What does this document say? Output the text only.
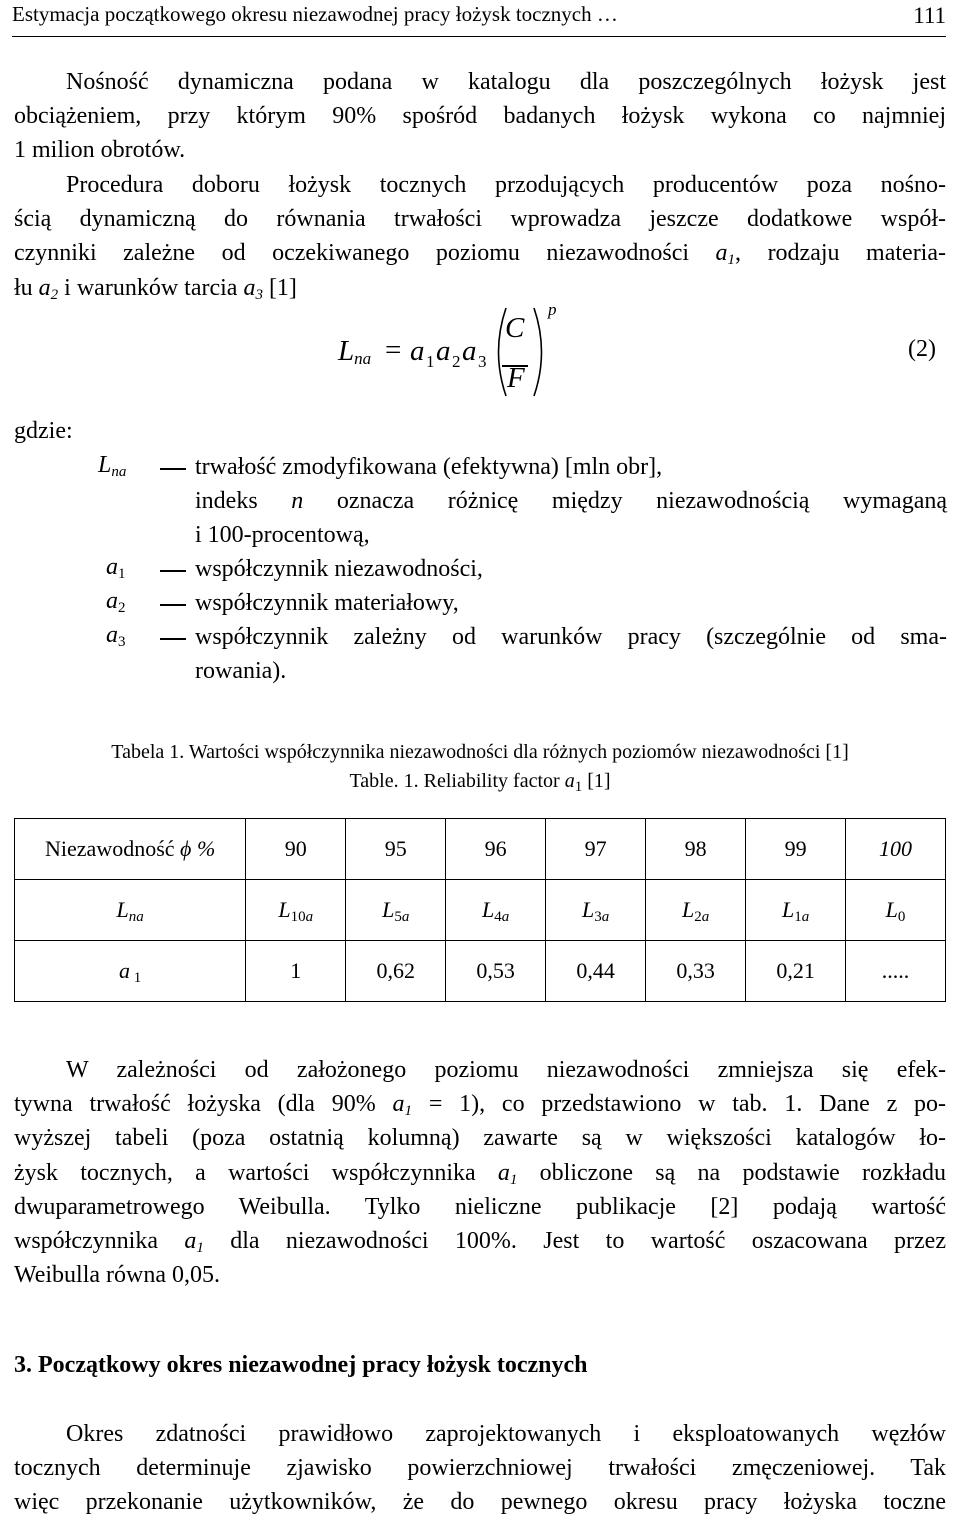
Estymacja początkowego okresu niezawodnej pracy łożysk tocznych …	111
Nośność dynamiczna podana w katalogu dla poszczególnych łożysk jest
obciążeniem, przy którym 90% spośród badanych łożysk wykona co najmniej
1 milion obrotów.
Procedura doboru łożysk tocznych przodujących producentów poza nośno-
ścią dynamiczną do równania trwałości wprowadza jeszcze dodatkowe współ-
czynniki zależne od oczekiwanego poziomu niezawodności $a_1$, rodzaju materia-
łu $a_2$ i warunków tarcia $a_3$ [1]
$L_{na} = a$ 1 a 2 a 3
C
F
p
(2)
gdzie:
$L_{na}$	trwałość zmodyfikowana (efektywna) [mln obr],
indeks n oznacza różnicę między niezawodnością wymaganą
i 100-procentową,
$a_1$	współczynnik niezawodności,
$a_2$	współczynnik materiałowy,
$a_3$	współczynnik zależny od warunków pracy (szczególnie od sma-
rowania).
Tabela 1. Wartości współczynnika niezawodności dla różnych poziomów niezawodności [1]
Table. 1. Reliability factor $a_1$ [1]
Niezawodność ϕ %	90	95	96	97	98	99	100
$L_{na}$	$L_{10a}$	$L_{5a}$	$L_{4a}$	$L_{3a}$	$L_{2a}$	$L_{1a}$	$L_0$
a $_1$	1	0,62	0,53	0,44	0,33	0,21	.....
W zależności od założonego poziomu niezawodności zmniejsza się efek-
tywna trwałość łożyska (dla 90% $a_1 = 1$), co przedstawiono w tab. 1. Dane z po-
wyższej tabeli (poza ostatnią kolumną) zawarte są w większości katalogów ło-
żysk tocznych, a wartości współczynnika $a_1$ obliczone są na podstawie rozkładu
dwuparametrowego Weibulla. Tylko nieliczne publikacje [2] podają wartość
współczynnika $a_1$ dla niezawodności 100%. Jest to wartość oszacowana przez
Weibulla równa 0,05.
3. Początkowy okres niezawodnej pracy łożysk tocznych
Okres zdatności prawidłowo zaprojektowanych i eksploatowanych węzłów
tocznych determinuje zjawisko powierzchniowej trwałości zmęczeniowej. Tak
więc przekonanie użytkowników, że do pewnego okresu pracy łożyska toczne
